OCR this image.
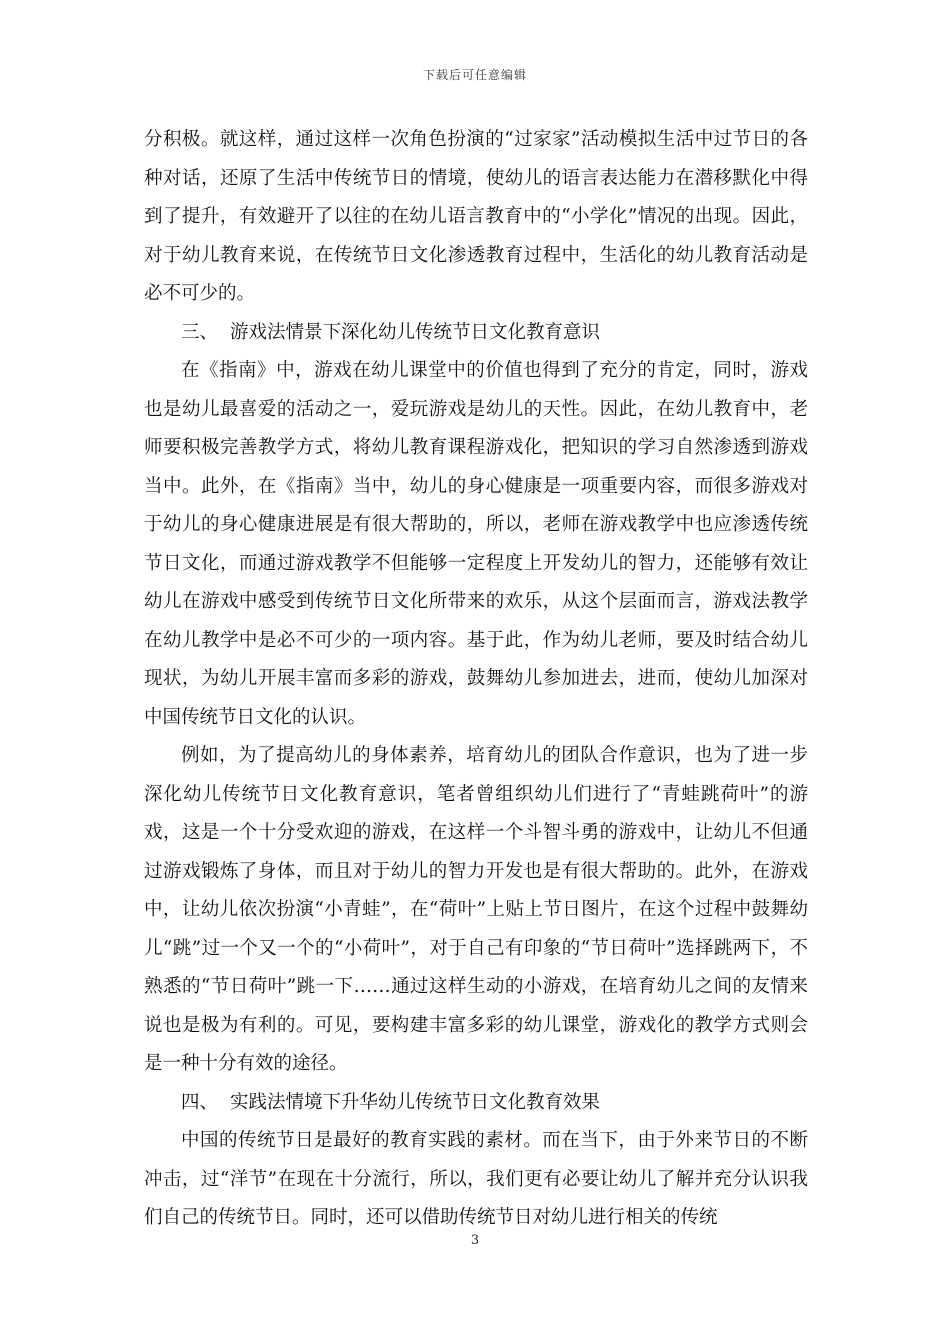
下载后可任意编辑

分积极。就这样，通过这样一次角色扮演的“过家家”活动模拟生活中过节日的各种对话，还原了生活中传统节日的情境，使幼儿的语言表达能力在潜移默化中得到了提升，有效避开了以往的在幼儿语言教育中的“小学化”情况的出现。因此，对于幼儿教育来说，在传统节日文化渗透教育过程中，生活化的幼儿教育活动是必不可少的。

三、 游戏法情景下深化幼儿传统节日文化教育意识

在《指南》中，游戏在幼儿课堂中的价值也得到了充分的肯定，同时，游戏也是幼儿最喜爱的活动之一，爱玩游戏是幼儿的天性。因此，在幼儿教育中，老师要积极完善教学方式，将幼儿教育课程游戏化，把知识的学习自然渗透到游戏当中。此外，在《指南》当中，幼儿的身心健康是一项重要内容，而很多游戏对于幼儿的身心健康进展是有很大帮助的，所以，老师在游戏教学中也应渗透传统节日文化，而通过游戏教学不但能够一定程度上开发幼儿的智力，还能够有效让幼儿在游戏中感受到传统节日文化所带来的欢乐，从这个层面而言，游戏法教学在幼儿教学中是必不可少的一项内容。基于此，作为幼儿老师，要及时结合幼儿现状，为幼儿开展丰富而多彩的游戏，鼓舞幼儿参加进去，进而，使幼儿加深对中国传统节日文化的认识。

例如，为了提高幼儿的身体素养，培育幼儿的团队合作意识，也为了进一步深化幼儿传统节日文化教育意识，笔者曾组织幼儿们进行了“青蛙跳荷叶”的游戏，这是一个十分受欢迎的游戏，在这样一个斗智斗勇的游戏中，让幼儿不但通过游戏锻炼了身体，而且对于幼儿的智力开发也是有很大帮助的。此外，在游戏中，让幼儿依次扮演“小青蛙”，在“荷叶”上贴上节日图片，在这个过程中鼓舞幼儿“跳”过一个又一个的“小荷叶”，对于自己有印象的“节日荷叶”选择跳两下，不熟悉的“节日荷叶”跳一下……通过这样生动的小游戏，在培育幼儿之间的友情来说也是极为有利的。可见，要构建丰富多彩的幼儿课堂，游戏化的教学方式则会是一种十分有效的途径。

四、 实践法情境下升华幼儿传统节日文化教育效果

中国的传统节日是最好的教育实践的素材。而在当下，由于外来节日的不断冲击，过“洋节”在现在十分流行，所以，我们更有必要让幼儿了解并充分认识我们自己的传统节日。同时，还可以借助传统节日对幼儿进行相关的传统

3
